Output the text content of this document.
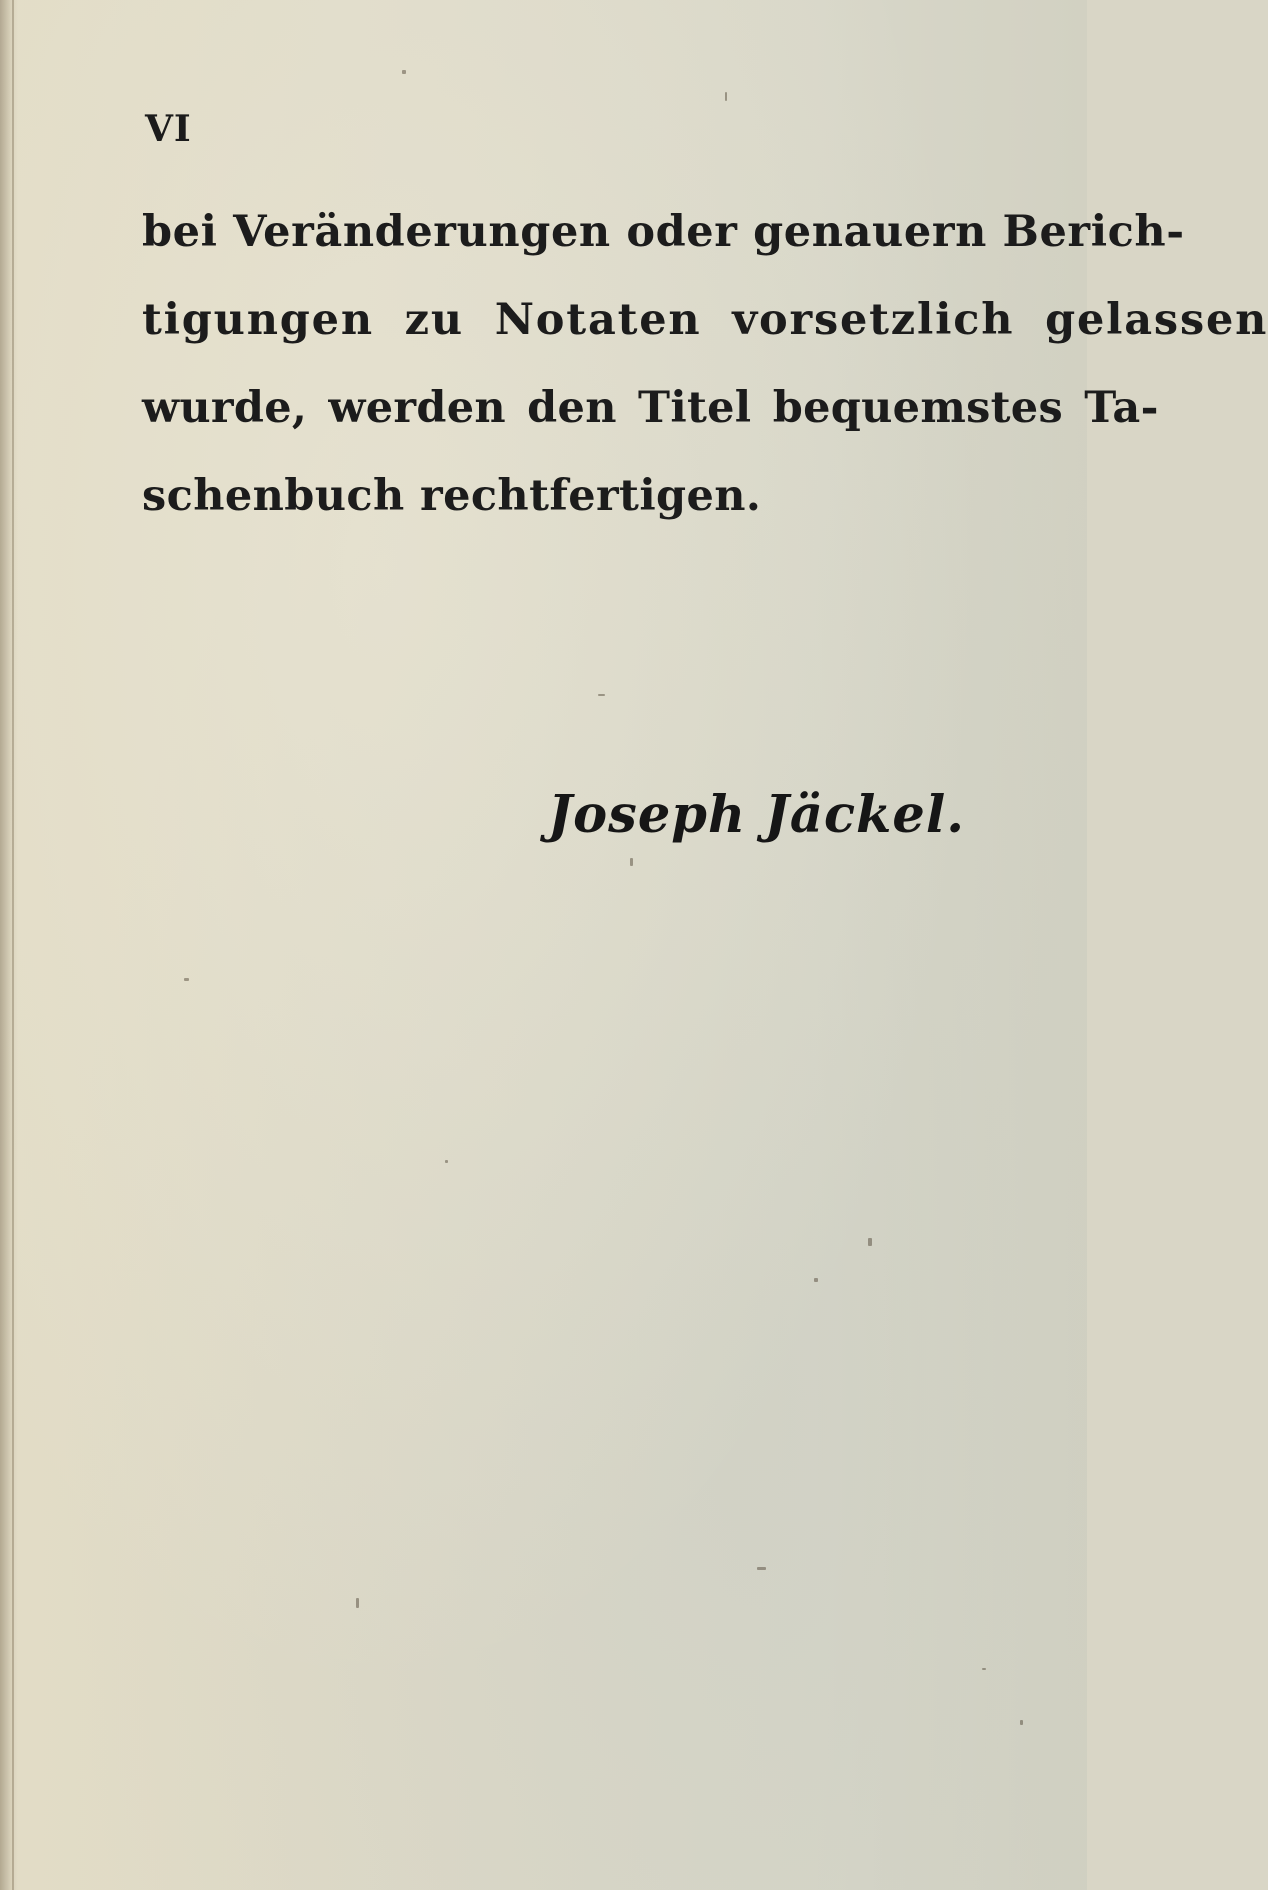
VI
bei Veränderungen oder genauern Berich-
tigungen zu Notaten vorsetzlich gelassen
wurde, werden den Titel bequemstes Ta-
schenbuch rechtfertigen.
Joseph Jäckel.
